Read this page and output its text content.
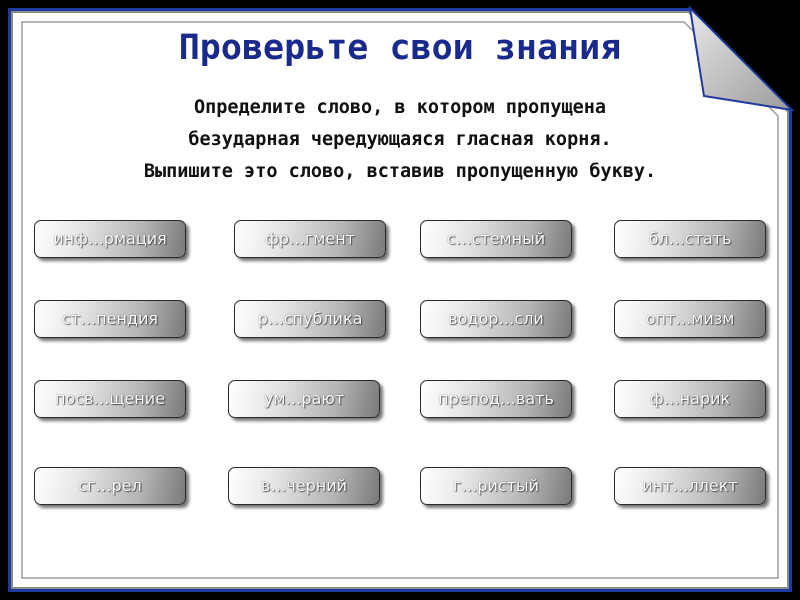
Проверьте свои знания
Определите слово, в котором пропущена
безударная чередующаяся гласная корня.
Выпишите это слово, вставив пропущенную букву.
инф…рмация	фр…гмент	с…стемный	бл…стать
ст…пендия	р…спублика	водор…сли	опт…мизм
посв…щение	ум…рают	препод…вать	ф…нарик
сг…рел	в…черний	г…ристый	инт…ллект
